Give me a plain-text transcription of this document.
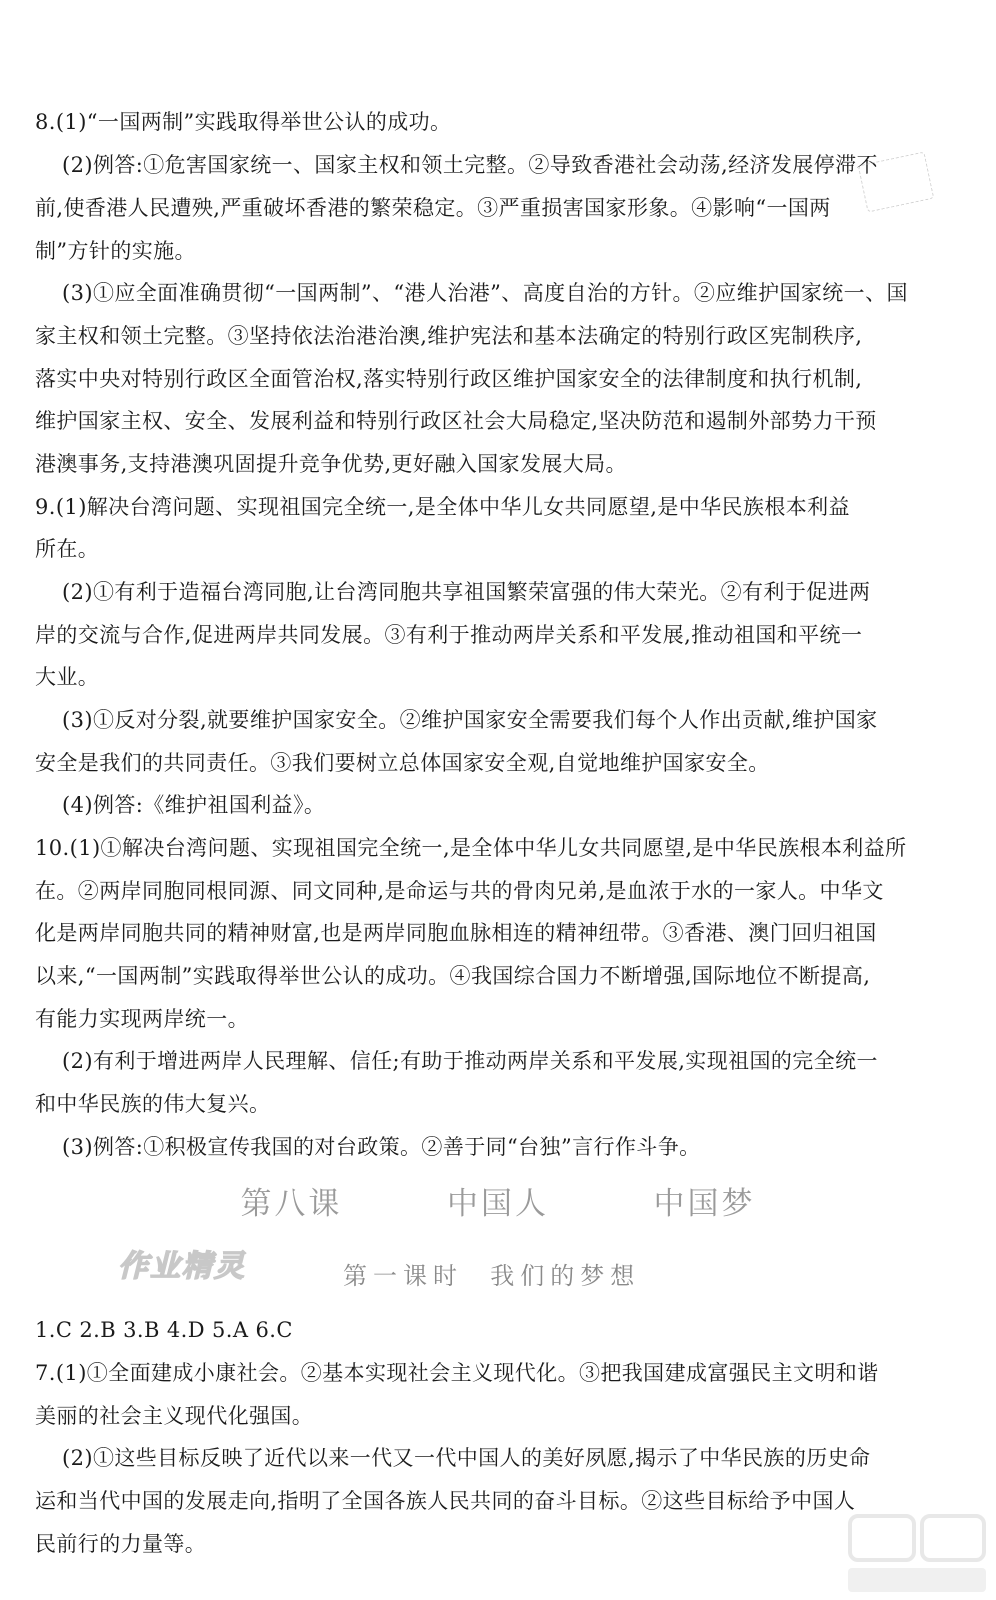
8.(1)“一国两制”实践取得举世公认的成功。
(2)例答:①危害国家统一、国家主权和领土完整。②导致香港社会动荡,经济发展停滞不
前,使香港人民遭殃,严重破坏香港的繁荣稳定。③严重损害国家形象。④影响“一国两
制”方针的实施。
(3)①应全面准确贯彻“一国两制”、“港人治港”、高度自治的方针。②应维护国家统一、国
家主权和领土完整。③坚持依法治港治澳,维护宪法和基本法确定的特别行政区宪制秩序,
落实中央对特别行政区全面管治权,落实特别行政区维护国家安全的法律制度和执行机制,
维护国家主权、安全、发展利益和特别行政区社会大局稳定,坚决防范和遏制外部势力干预
港澳事务,支持港澳巩固提升竞争优势,更好融入国家发展大局。
9.(1)解决台湾问题、实现祖国完全统一,是全体中华儿女共同愿望,是中华民族根本利益
所在。
(2)①有利于造福台湾同胞,让台湾同胞共享祖国繁荣富强的伟大荣光。②有利于促进两
岸的交流与合作,促进两岸共同发展。③有利于推动两岸关系和平发展,推动祖国和平统一
大业。
(3)①反对分裂,就要维护国家安全。②维护国家安全需要我们每个人作出贡献,维护国家
安全是我们的共同责任。③我们要树立总体国家安全观,自觉地维护国家安全。
(4)例答:《维护祖国利益》。
10.(1)①解决台湾问题、实现祖国完全统一,是全体中华儿女共同愿望,是中华民族根本利益所
在。②两岸同胞同根同源、同文同种,是命运与共的骨肉兄弟,是血浓于水的一家人。中华文
化是两岸同胞共同的精神财富,也是两岸同胞血脉相连的精神纽带。③香港、澳门回归祖国
以来,“一国两制”实践取得举世公认的成功。④我国综合国力不断增强,国际地位不断提高,
有能力实现两岸统一。
(2)有利于增进两岸人民理解、信任;有助于推动两岸关系和平发展,实现祖国的完全统一
和中华民族的伟大复兴。
(3)例答:①积极宣传我国的对台政策。②善于同“台独”言行作斗争。
第八课   中国人   中国梦
作业精灵	第一课时  我们的梦想
1.C 2.B 3.B 4.D 5.A 6.C
7.(1)①全面建成小康社会。②基本实现社会主义现代化。③把我国建成富强民主文明和谐
美丽的社会主义现代化强国。
(2)①这些目标反映了近代以来一代又一代中国人的美好夙愿,揭示了中华民族的历史命
运和当代中国的发展走向,指明了全国各族人民共同的奋斗目标。②这些目标给予中国人
民前行的力量等。
